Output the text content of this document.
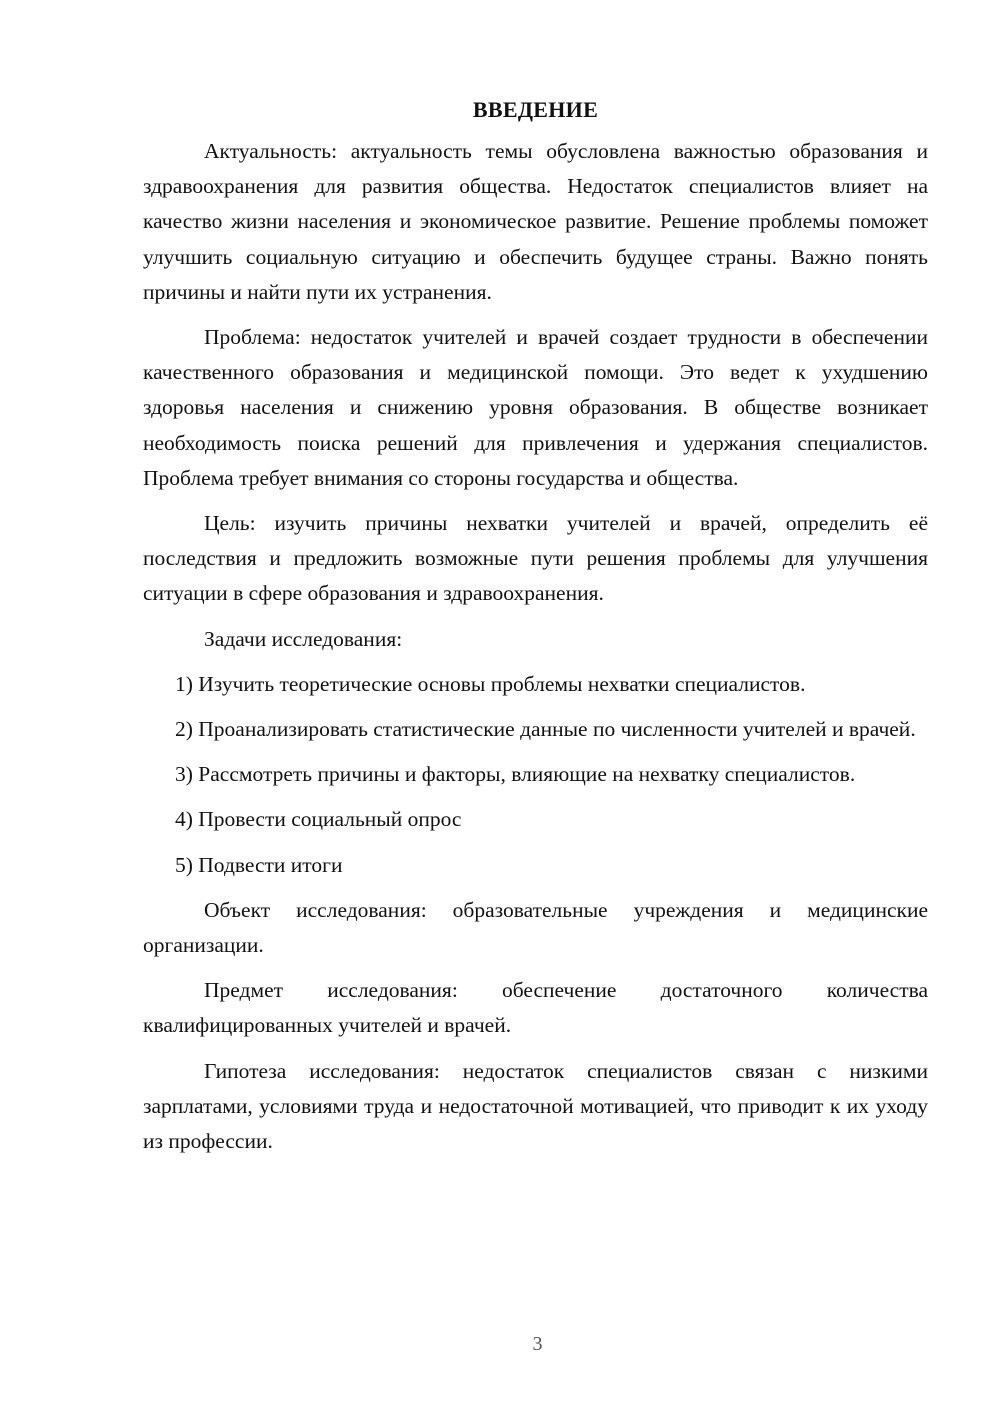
ВВЕДЕНИЕ

Актуальность: актуальность темы обусловлена важностью образования и здравоохранения для развития общества. Недостаток специалистов влияет на качество жизни населения и экономическое развитие. Решение проблемы поможет улучшить социальную ситуацию и обеспечить будущее страны. Важно понять причины и найти пути их устранения.

Проблема: недостаток учителей и врачей создает трудности в обеспечении качественного образования и медицинской помощи. Это ведет к ухудшению здоровья населения и снижению уровня образования. В обществе возникает необходимость поиска решений для привлечения и удержания специалистов. Проблема требует внимания со стороны государства и общества.

Цель: изучить причины нехватки учителей и врачей, определить её последствия и предложить возможные пути решения проблемы для улучшения ситуации в сфере образования и здравоохранения.

Задачи исследования:

1) Изучить теоретические основы проблемы нехватки специалистов.

2) Проанализировать статистические данные по численности учителей и врачей.

3) Рассмотреть причины и факторы, влияющие на нехватку специалистов.

4) Провести социальный опрос

5) Подвести итоги

Объект исследования: образовательные учреждения и медицинские организации.

Предмет исследования: обеспечение достаточного количества квалифицированных учителей и врачей.

Гипотеза исследования: недостаток специалистов связан с низкими зарплатами, условиями труда и недостаточной мотивацией, что приводит к их уходу из профессии.

3
